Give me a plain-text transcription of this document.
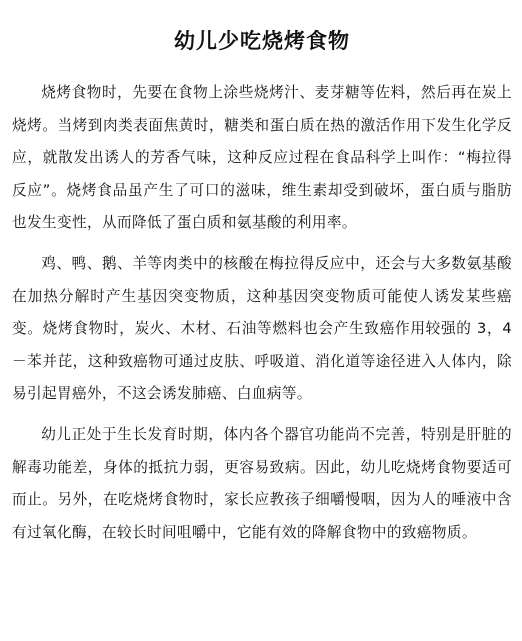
幼儿少吃烧烤食物

烧烤食物时，先要在食物上涂些烧烤汁、麦芽糖等佐料，然后再在炭上烧烤。当烤到肉类表面焦黄时，糖类和蛋白质在热的激活作用下发生化学反应，就散发出诱人的芳香气味，这种反应过程在食品科学上叫作：“梅拉得反应”。烧烤食品虽产生了可口的滋味，维生素却受到破坏，蛋白质与脂肪也发生变性，从而降低了蛋白质和氨基酸的利用率。

鸡、鸭、鹅、羊等肉类中的核酸在梅拉得反应中，还会与大多数氨基酸在加热分解时产生基因突变物质，这种基因突变物质可能使人诱发某些癌变。烧烤食物时，炭火、木材、石油等燃料也会产生致癌作用较强的 3，4－苯并芘，这种致癌物可通过皮肤、呼吸道、消化道等途径进入人体内，除易引起胃癌外，不这会诱发肺癌、白血病等。

幼儿正处于生长发育时期，体内各个器官功能尚不完善，特别是肝脏的解毒功能差，身体的抵抗力弱，更容易致病。因此，幼儿吃烧烤食物要适可而止。另外，在吃烧烤食物时，家长应教孩子细嚼慢咽，因为人的唾液中含有过氧化酶，在较长时间咀嚼中，它能有效的降解食物中的致癌物质。
